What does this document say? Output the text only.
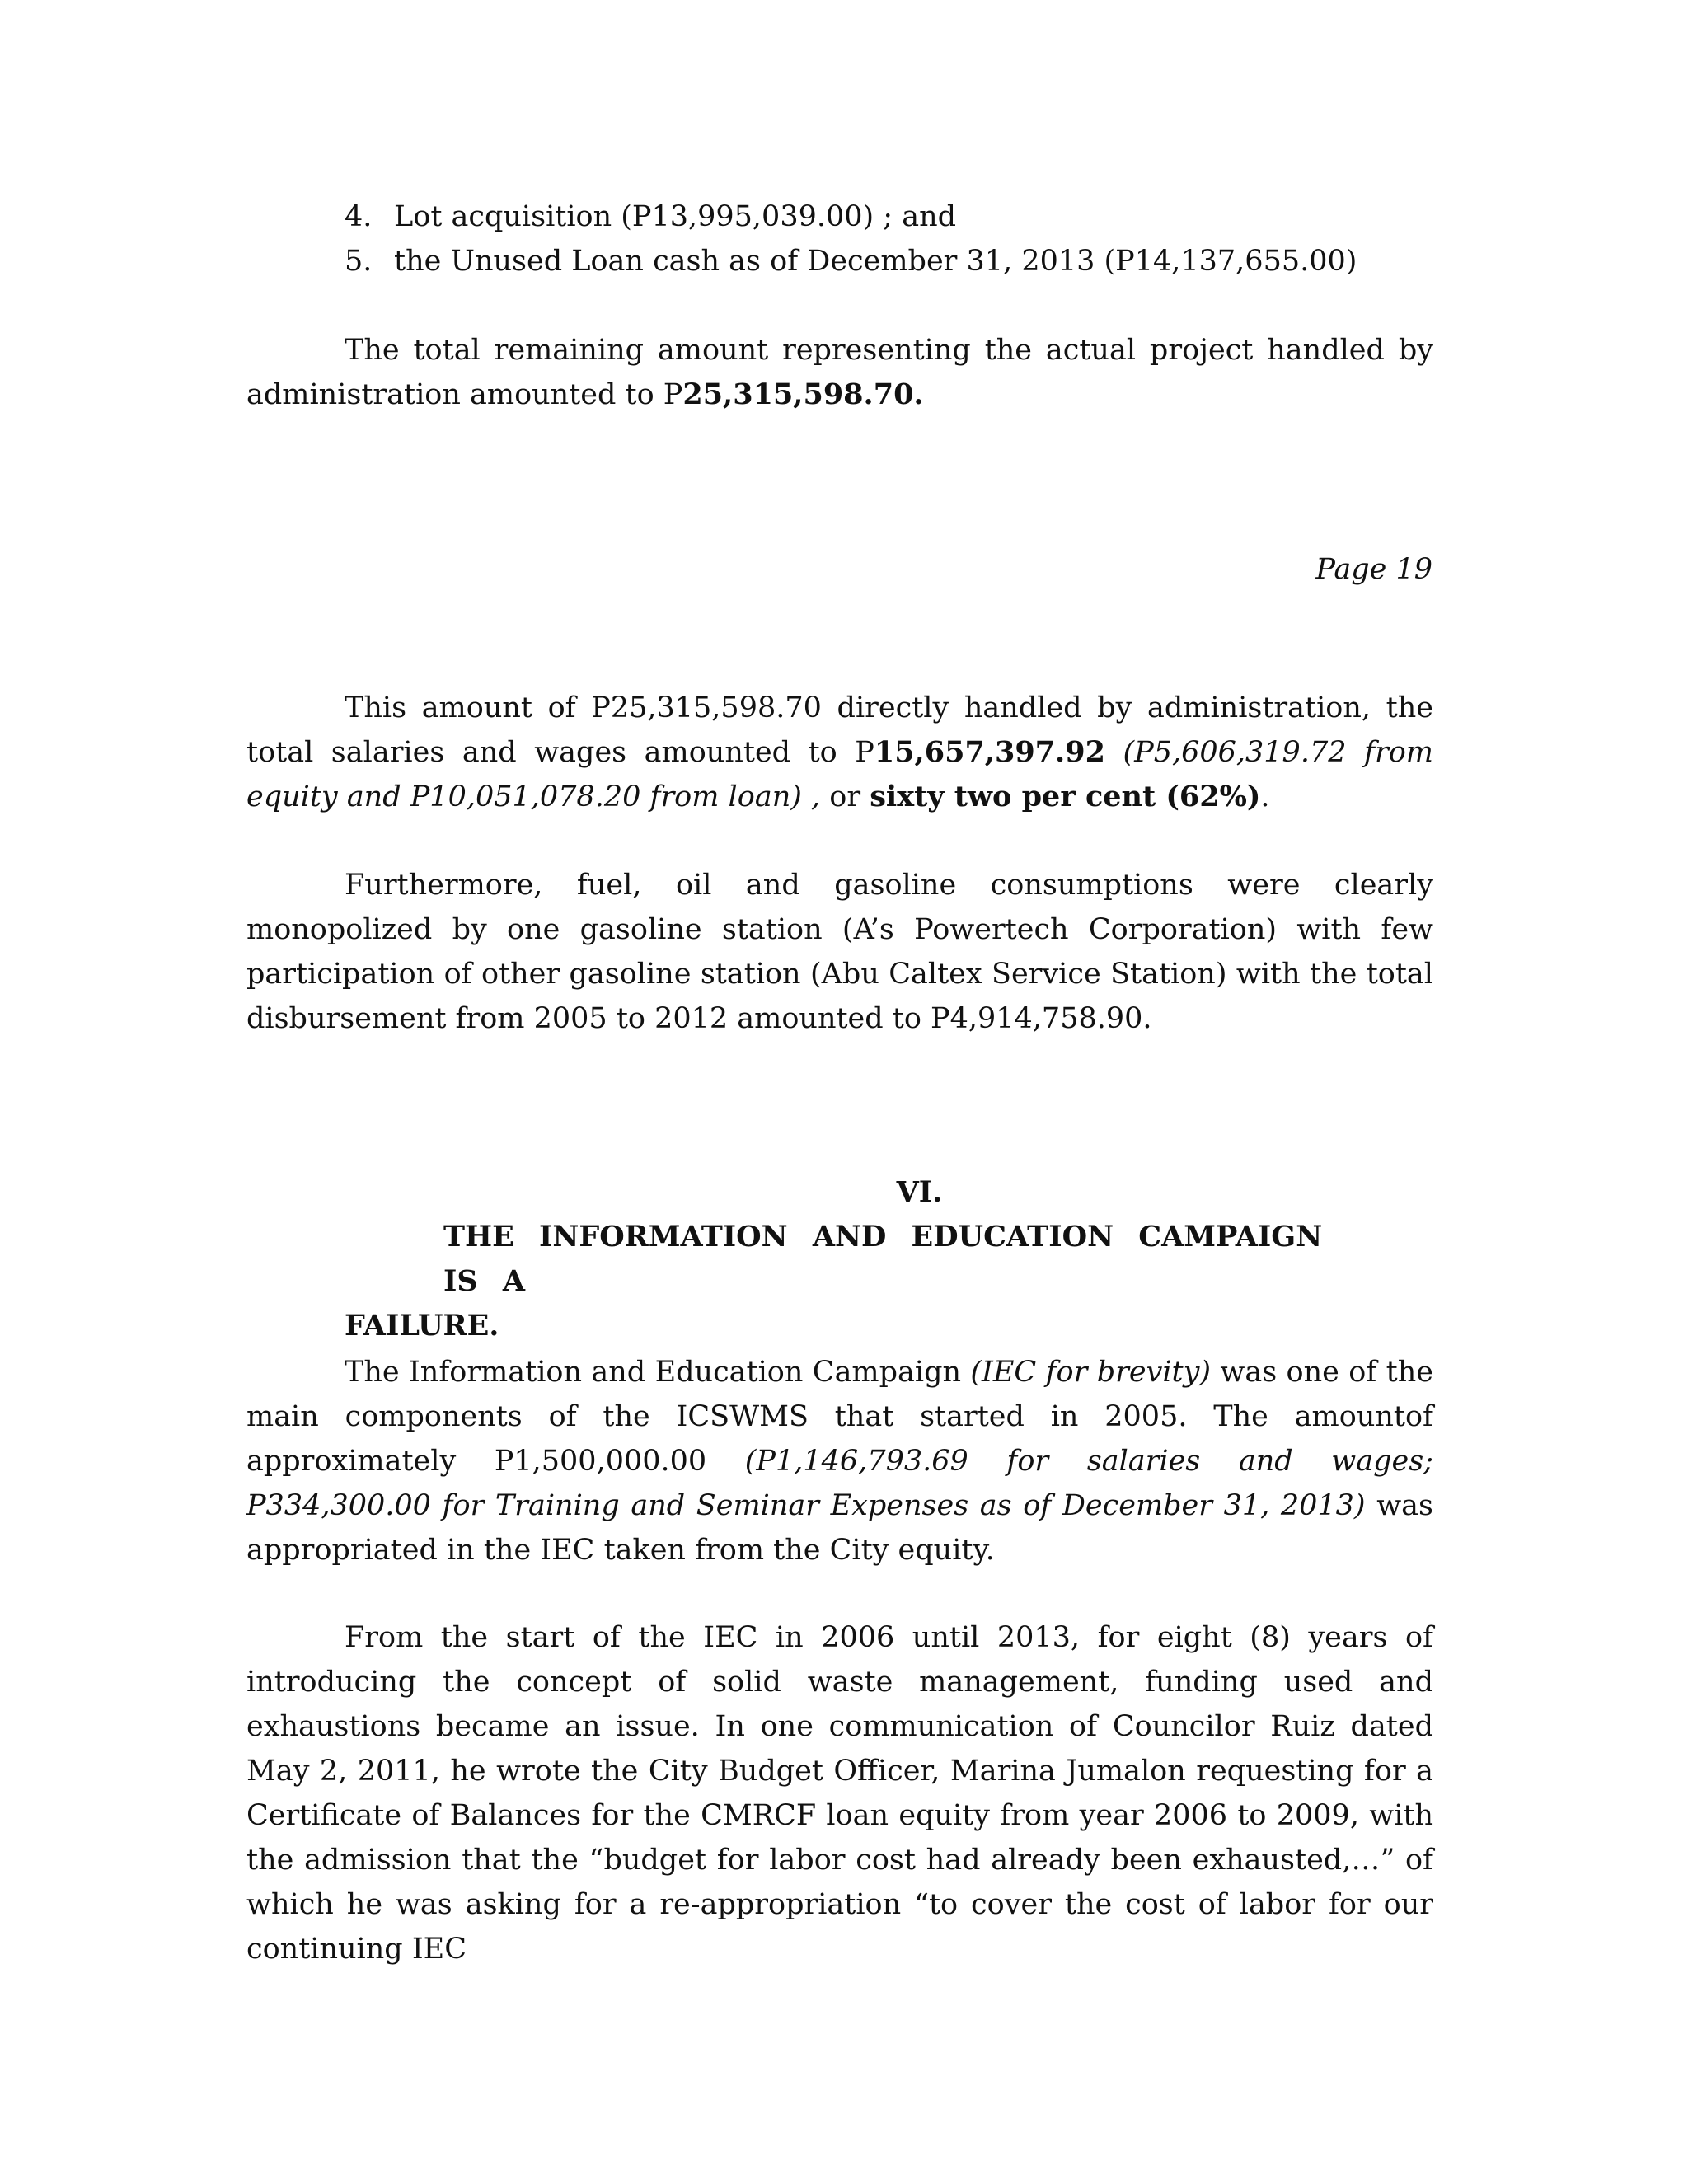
4. Lot acquisition (P13,995,039.00) ; and
5. the Unused Loan cash as of December 31, 2013 (P14,137,655.00)

The total remaining amount representing the actual project handled by administration amounted to P25,315,598.70.

Page 19

This amount of P25,315,598.70 directly handled by administration, the total salaries and wages amounted to P15,657,397.92 (P5,606,319.72 from equity and P10,051,078.20 from loan) , or sixty two per cent (62%).

Furthermore, fuel, oil and gasoline consumptions were clearly monopolized by one gasoline station (A’s Powertech Corporation) with few participation of other gasoline station (Abu Caltex Service Station) with the total disbursement from 2005 to 2012 amounted to P4,914,758.90.

VI.
THE INFORMATION AND EDUCATION CAMPAIGN IS A
FAILURE.

The Information and Education Campaign (IEC for brevity) was one of the main components of the ICSWMS that started in 2005. The amountof approximately P1,500,000.00 (P1,146,793.69 for salaries and wages; P334,300.00 for Training and Seminar Expenses as of December 31, 2013) was appropriated in the IEC taken from the City equity.

From the start of the IEC in 2006 until 2013, for eight (8) years of introducing the concept of solid waste management, funding used and exhaustions became an issue. In one communication of Councilor Ruiz dated May 2, 2011, he wrote the City Budget Officer, Marina Jumalon requesting for a Certificate of Balances for the CMRCF loan equity from year 2006 to 2009, with the admission that the “budget for labor cost had already been exhausted,…” of which he was asking for a re-appropriation “to cover the cost of labor for our continuing IEC
